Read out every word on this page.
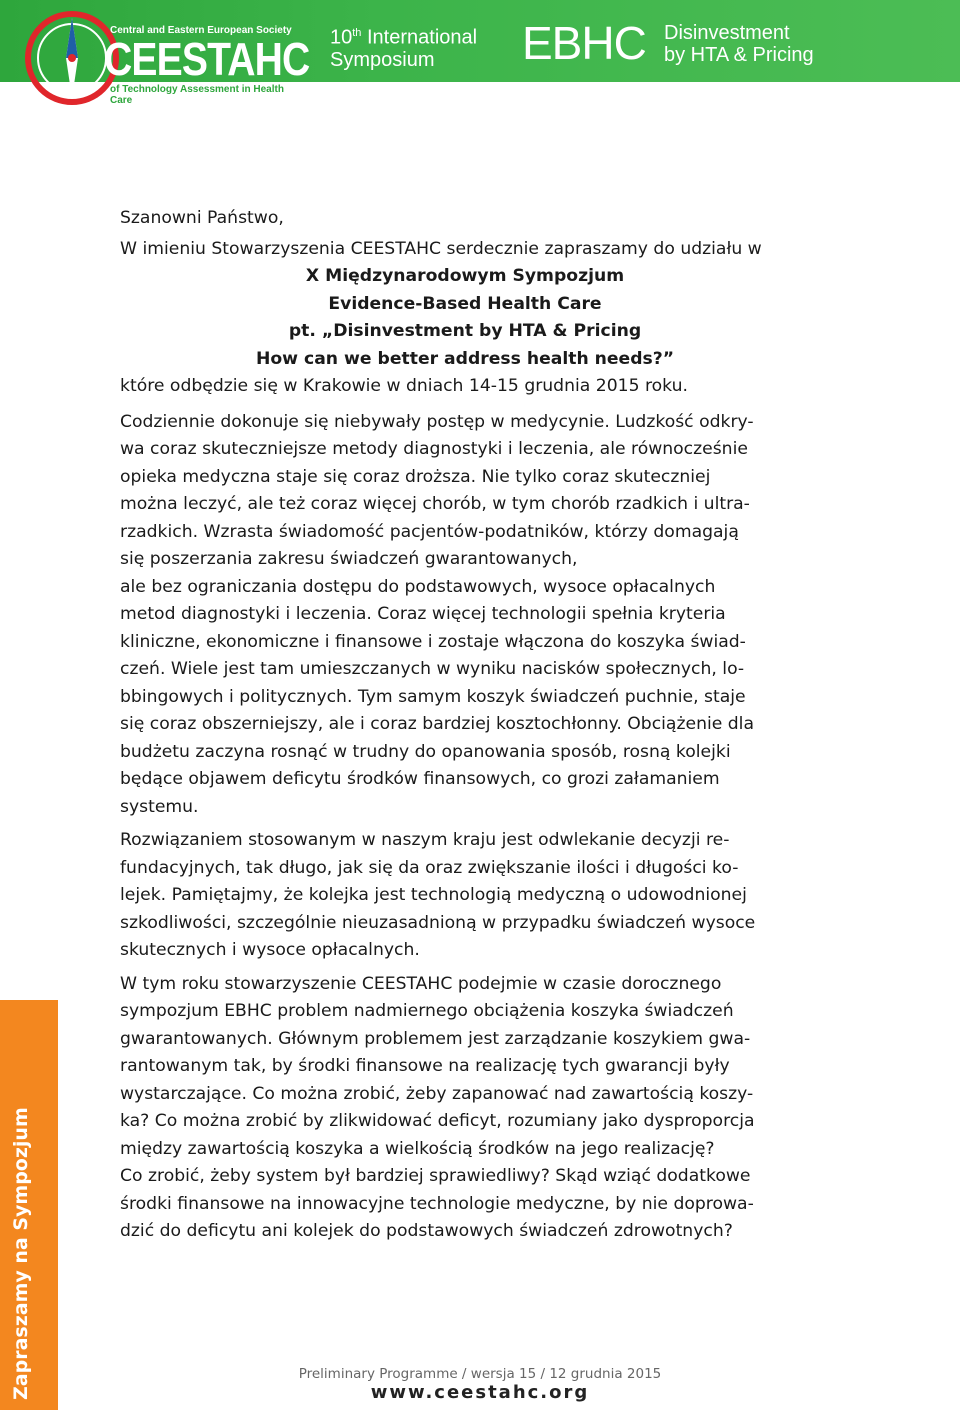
Central and Eastern European Society
CEESTAHC
of Technology Assessment in Health Care
10th International
Symposium	EBHC Disinvestment
by HTA & Pricing
Zapraszamy na Sympozjum

Szanowni Państwo,

W imieniu Stowarzyszenia CEESTAHC serdecznie zapraszamy do udziału w

X Międzynarodowym Sympozjum

Evidence-Based Health Care

pt. „Disinvestment by HTA & Pricing

How can we better address health needs?”

które odbędzie się w Krakowie w dniach 14-15 grudnia 2015 roku.

Codziennie dokonuje się niebywały postęp w medycynie. Ludzkość odkry-

wa coraz skuteczniejsze metody diagnostyki i leczenia, ale równocześnie

opieka medyczna staje się coraz droższa. Nie tylko coraz skuteczniej

można leczyć, ale też coraz więcej chorób, w tym chorób rzadkich i ultra-

rzadkich. Wzrasta świadomość pacjentów-podatników, którzy domagają

się poszerzania zakresu świadczeń gwarantowanych,

ale bez ograniczania dostępu do podstawowych, wysoce opłacalnych

metod diagnostyki i leczenia. Coraz więcej technologii spełnia kryteria

kliniczne, ekonomiczne i finansowe i zostaje włączona do koszyka świad-

czeń. Wiele jest tam umieszczanych w wyniku nacisków społecznych, lo-

bbingowych i politycznych. Tym samym koszyk świadczeń puchnie, staje

się coraz obszerniejszy, ale i coraz bardziej kosztochłonny. Obciążenie dla

budżetu zaczyna rosnąć w trudny do opanowania sposób, rosną kolejki

będące objawem deficytu środków finansowych, co grozi załamaniem

systemu.

Rozwiązaniem stosowanym w naszym kraju jest odwlekanie decyzji re-

fundacyjnych, tak długo, jak się da oraz zwiększanie ilości i długości ko-

lejek. Pamiętajmy, że kolejka jest technologią medyczną o udowodnionej

szkodliwości, szczególnie nieuzasadnioną w przypadku świadczeń wysoce

skutecznych i wysoce opłacalnych.

W tym roku stowarzyszenie CEESTAHC podejmie w czasie dorocznego

sympozjum EBHC problem nadmiernego obciążenia koszyka świadczeń

gwarantowanych. Głównym problemem jest zarządzanie koszykiem gwa-

rantowanym tak, by środki finansowe na realizację tych gwarancji były

wystarczające. Co można zrobić, żeby zapanować nad zawartością koszy-

ka? Co można zrobić by zlikwidować deficyt, rozumiany jako dysproporcja

między zawartością koszyka a wielkością środków na jego realizację?

Co zrobić, żeby system był bardziej sprawiedliwy? Skąd wziąć dodatkowe

środki finansowe na innowacyjne technologie medyczne, by nie doprowa-

dzić do deficytu ani kolejek do podstawowych świadczeń zdrowotnych?

Preliminary Programme / wersja 15 / 12 grudnia 2015
www.ceestahc.org
